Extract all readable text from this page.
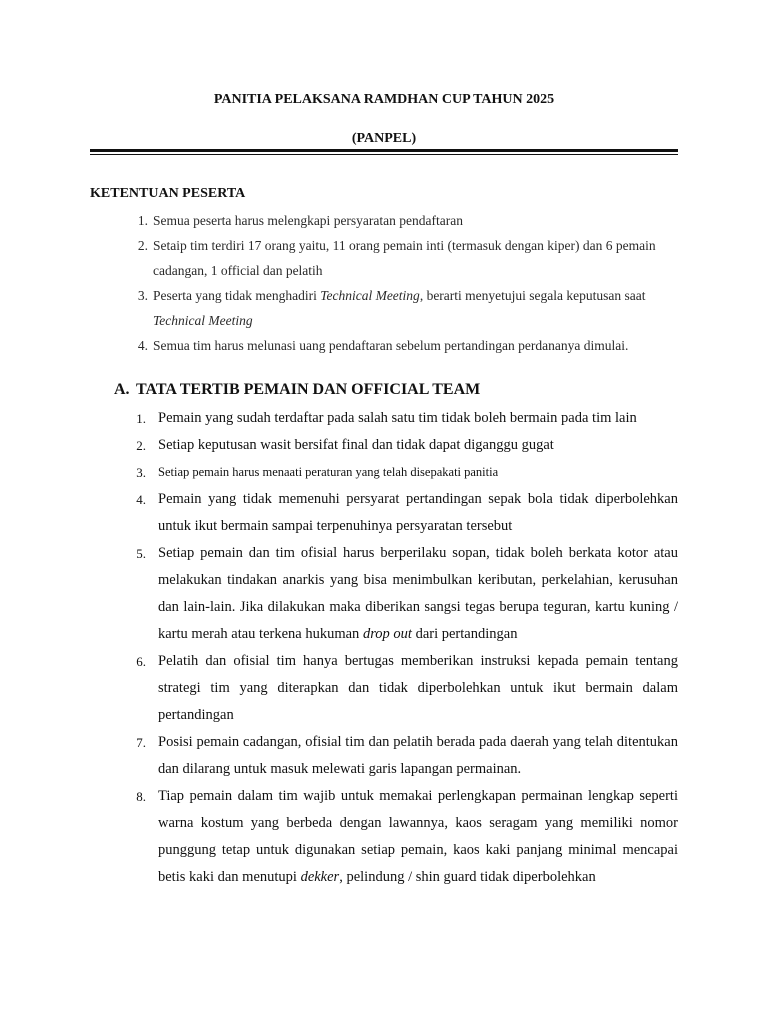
PANITIA PELAKSANA RAMDHAN CUP TAHUN 2025
(PANPEL)
KETENTUAN PESERTA
1. Semua peserta harus melengkapi persyaratan pendaftaran
2. Setaip tim terdiri 17 orang yaitu, 11 orang pemain inti (termasuk dengan kiper) dan 6 pemain cadangan, 1 official dan pelatih
3. Peserta yang tidak menghadiri Technical Meeting, berarti menyetujui segala keputusan saat Technical Meeting
4. Semua tim harus melunasi uang pendaftaran sebelum pertandingan perdananya dimulai.
A. TATA TERTIB PEMAIN DAN OFFICIAL TEAM
1. Pemain yang sudah terdaftar pada salah satu tim tidak boleh bermain pada tim lain
2. Setiap keputusan wasit bersifat final dan tidak dapat diganggu gugat
3. Setiap pemain harus menaati peraturan yang telah disepakati panitia
4. Pemain yang tidak memenuhi persyarat pertandingan sepak bola tidak diperbolehkan untuk ikut bermain sampai terpenuhinya persyaratan tersebut
5. Setiap pemain dan tim ofisial harus berperilaku sopan, tidak boleh berkata kotor atau melakukan tindakan anarkis yang bisa menimbulkan keributan, perkelahian, kerusuhan dan lain-lain. Jika dilakukan maka diberikan sangsi tegas berupa teguran, kartu kuning / kartu merah atau terkena hukuman drop out dari pertandingan
6. Pelatih dan ofisial tim hanya bertugas memberikan instruksi kepada pemain tentang strategi tim yang diterapkan dan tidak diperbolehkan untuk ikut bermain dalam pertandingan
7. Posisi pemain cadangan, ofisial tim dan pelatih berada pada daerah yang telah ditentukan dan dilarang untuk masuk melewati garis lapangan permainan.
8. Tiap pemain dalam tim wajib untuk memakai perlengkapan permainan lengkap seperti warna kostum yang berbeda dengan lawannya, kaos seragam yang memiliki nomor punggung tetap untuk digunakan setiap pemain, kaos kaki panjang minimal mencapai betis kaki dan menutupi dekker, pelindung / shin guard tidak diperbolehkan
